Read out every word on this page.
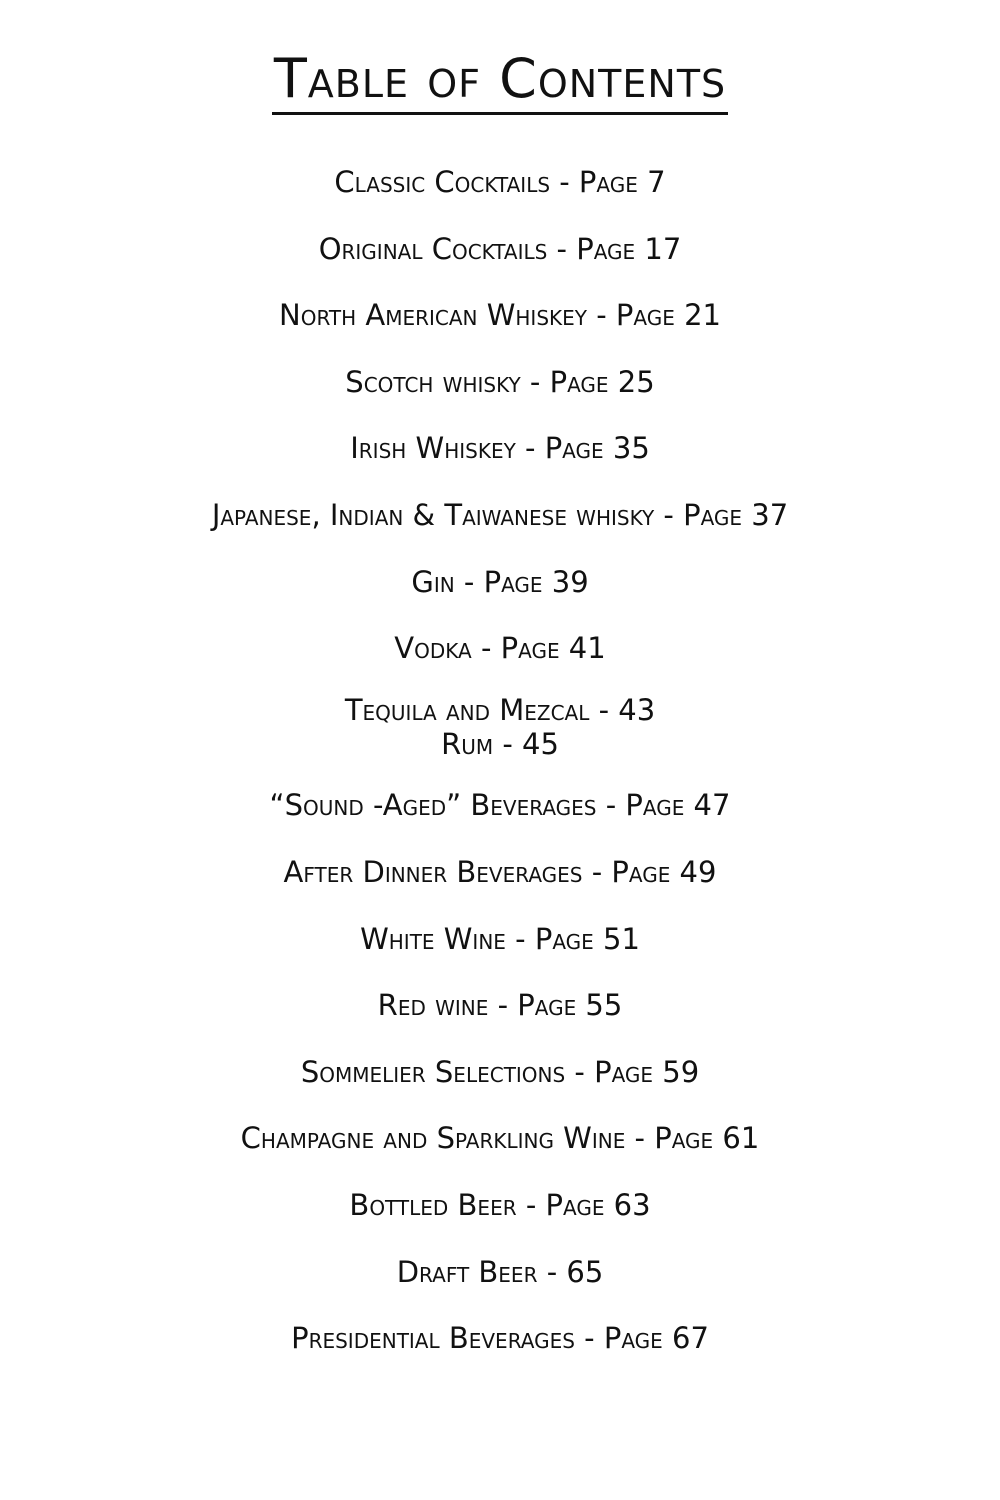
Table of Contents
Classic Cocktails - Page 7
Original Cocktails - Page 17
North American Whiskey - Page 21
Scotch whisky - Page 25
Irish Whiskey - Page 35
Japanese, Indian & Taiwanese whisky - Page 37
Gin - Page 39
Vodka - Page 41
Tequila and Mezcal - 43
Rum - 45
“Sound -Aged” Beverages - Page 47
After Dinner Beverages - Page 49
White Wine - Page 51
Red wine - Page 55
Sommelier Selections - Page 59
Champagne and Sparkling Wine - Page 61
Bottled Beer - Page 63
Draft Beer - 65
Presidential Beverages - Page 67
